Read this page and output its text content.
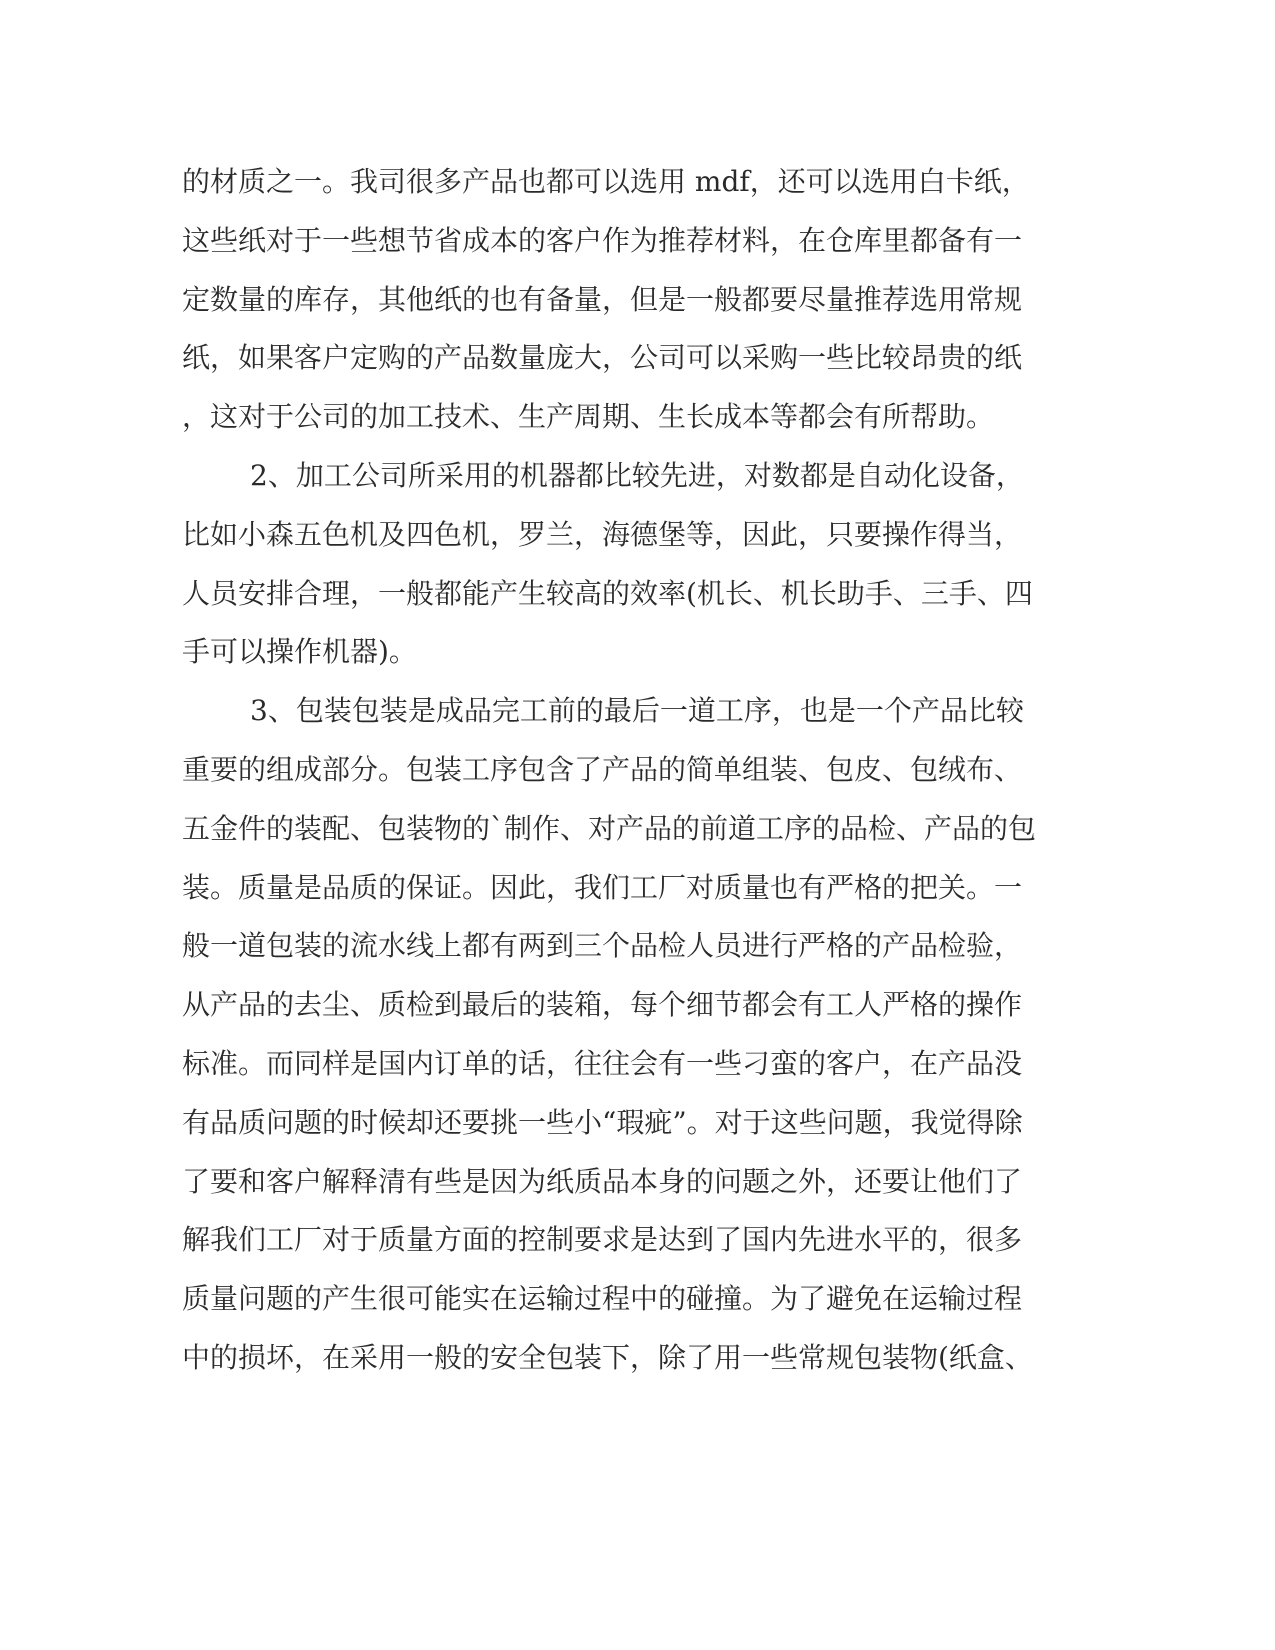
的材质之一。我司很多产品也都可以选用 mdf，还可以选用白卡纸，
这些纸对于一些想节省成本的客户作为推荐材料，在仓库里都备有一
定数量的库存，其他纸的也有备量，但是一般都要尽量推荐选用常规
纸，如果客户定购的产品数量庞大，公司可以采购一些比较昂贵的纸
，这对于公司的加工技术、生产周期、生长成本等都会有所帮助。
2、加工公司所采用的机器都比较先进，对数都是自动化设备，
比如小森五色机及四色机，罗兰，海德堡等，因此，只要操作得当，
人员安排合理，一般都能产生较高的效率(机长、机长助手、三手、四
手可以操作机器)。
3、包装包装是成品完工前的最后一道工序，也是一个产品比较
重要的组成部分。包装工序包含了产品的简单组装、包皮、包绒布、
五金件的装配、包装物的`制作、对产品的前道工序的品检、产品的包
装。质量是品质的保证。因此，我们工厂对质量也有严格的把关。一
般一道包装的流水线上都有两到三个品检人员进行严格的产品检验，
从产品的去尘、质检到最后的装箱，每个细节都会有工人严格的操作
标准。而同样是国内订单的话，往往会有一些刁蛮的客户，在产品没
有品质问题的时候却还要挑一些小“瑕疵”。对于这些问题，我觉得除
了要和客户解释清有些是因为纸质品本身的问题之外，还要让他们了
解我们工厂对于质量方面的控制要求是达到了国内先进水平的，很多
质量问题的产生很可能实在运输过程中的碰撞。为了避免在运输过程
中的损坏，在采用一般的安全包装下，除了用一些常规包装物(纸盒、
